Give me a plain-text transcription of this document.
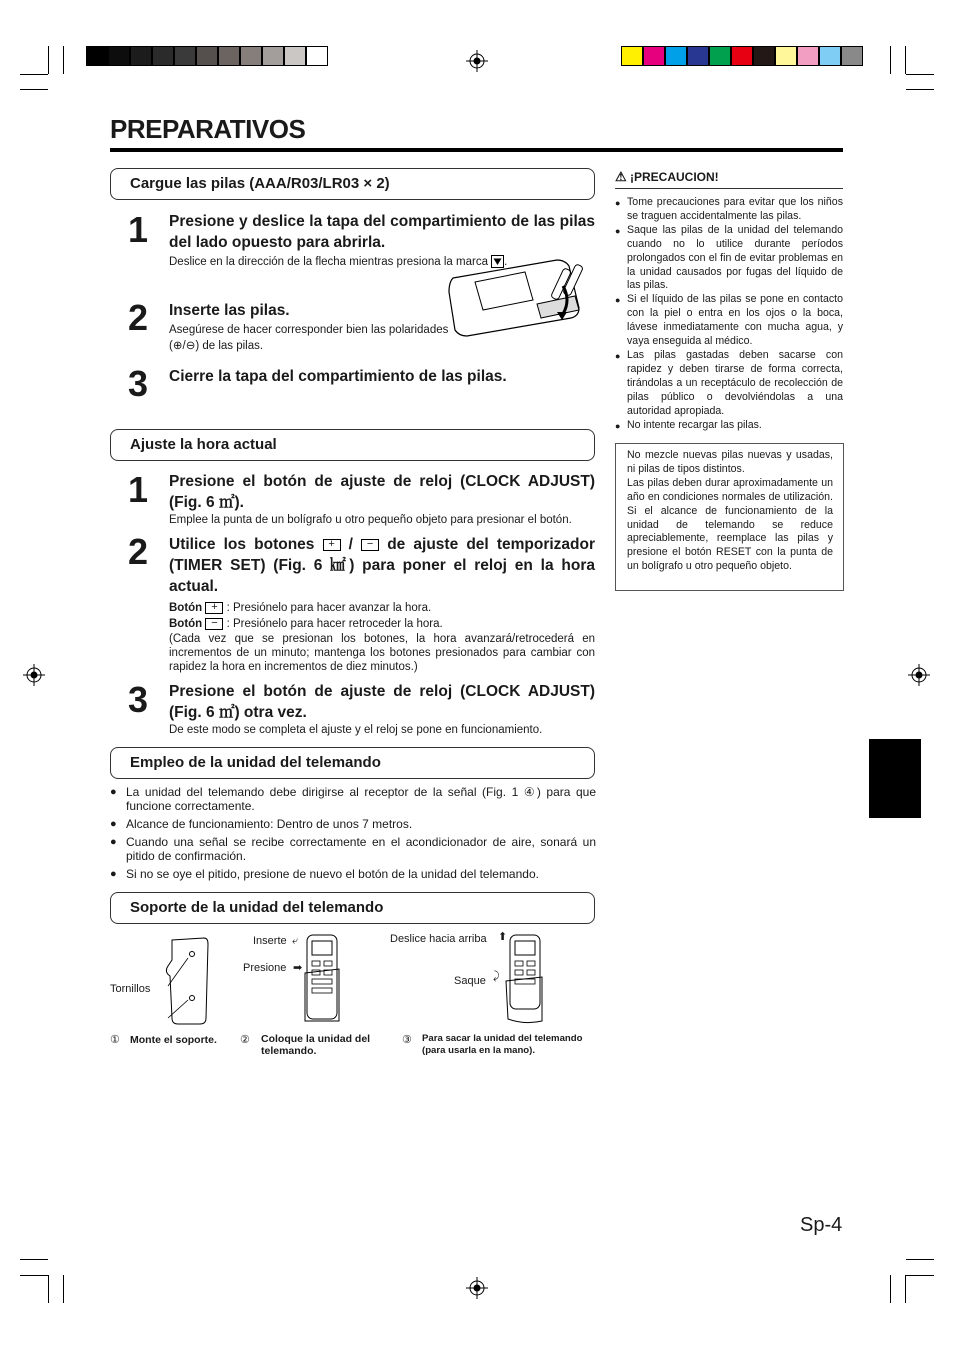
PREPARATIVOS
Cargue las pilas (AAA/R03/LR03 × 2)
1 Presione y deslice la tapa del compartimiento de las pilas del lado opuesto para abrirla.
Deslice en la dirección de la flecha mientras presiona la marca .
2 Inserte las pilas.
Asegúrese de hacer corresponder bien las polaridades
(⊕/⊖) de las pilas.
3 Cierre la tapa del compartimiento de las pilas.
Ajuste la hora actual
1 Presione el botón de ajuste de reloj (CLOCK ADJUST) (Fig. 6 ㎡).
Emplee la punta de un bolígrafo u otro pequeño objeto para presionar el botón.
2 Utilice los botones + / − de ajuste del temporizador (TIMER SET) (Fig. 6 ㎢) para poner el reloj en la hora actual.
Botón + : Presiónelo para hacer avanzar la hora.
Botón − : Presiónelo para hacer retroceder la hora.
(Cada vez que se presionan los botones, la hora avanzará/retrocederá en incrementos de un minuto; mantenga los botones presionados para cambiar con rapidez la hora en incrementos de diez minutos.)
3 Presione el botón de ajuste de reloj (CLOCK ADJUST) (Fig. 6 ㎡) otra vez.
De este modo se completa el ajuste y el reloj se pone en funcionamiento.
Empleo de la unidad del telemando
● La unidad del telemando debe dirigirse al receptor de la señal (Fig. 1 ④) para que funcione correctamente.
● Alcance de funcionamiento: Dentro de unos 7 metros.
● Cuando una señal se recibe correctamente en el acondicionador de aire, sonará un pitido de confirmación.
● Si no se oye el pitido, presione de nuevo el botón de la unidad del telemando.
Soporte de la unidad del telemando
Tornillos
Inserte ⤶
Presione ➡
Deslice hacia arriba ⬆
Saque ⤸
① Monte el soporte.	② Coloque la unidad del telemando.
③ Para sacar la unidad del telemando (para usarla en la mano).
⚠ ¡PRECAUCION!
● Tome precauciones para evitar que los niños se traguen accidentalmente las pilas.
● Saque las pilas de la unidad del telemando cuando no lo utilice durante períodos prolongados con el fin de evitar problemas en la unidad causados por fugas del líquido de las pilas.
● Si el líquido de las pilas se pone en contacto con la piel o entra en los ojos o la boca, lávese inmediatamente con mucha agua, y vaya enseguida al médico.
● Las pilas gastadas deben sacarse con rapidez y deben tirarse de forma correcta, tirándolas a un receptáculo de recolección de pilas público o devolviéndolas a una autoridad apropiada.
● No intente recargar las pilas.
No mezcle nuevas pilas nuevas y usadas, ni pilas de tipos distintos.
Las pilas deben durar aproximadamente un año en condiciones normales de utilización. Si el alcance de funcionamiento de la unidad de telemando se reduce apreciablemente, reemplace las pilas y presione el botón RESET con la punta de un bolígrafo u otro pequeño objeto.
Sp-4
